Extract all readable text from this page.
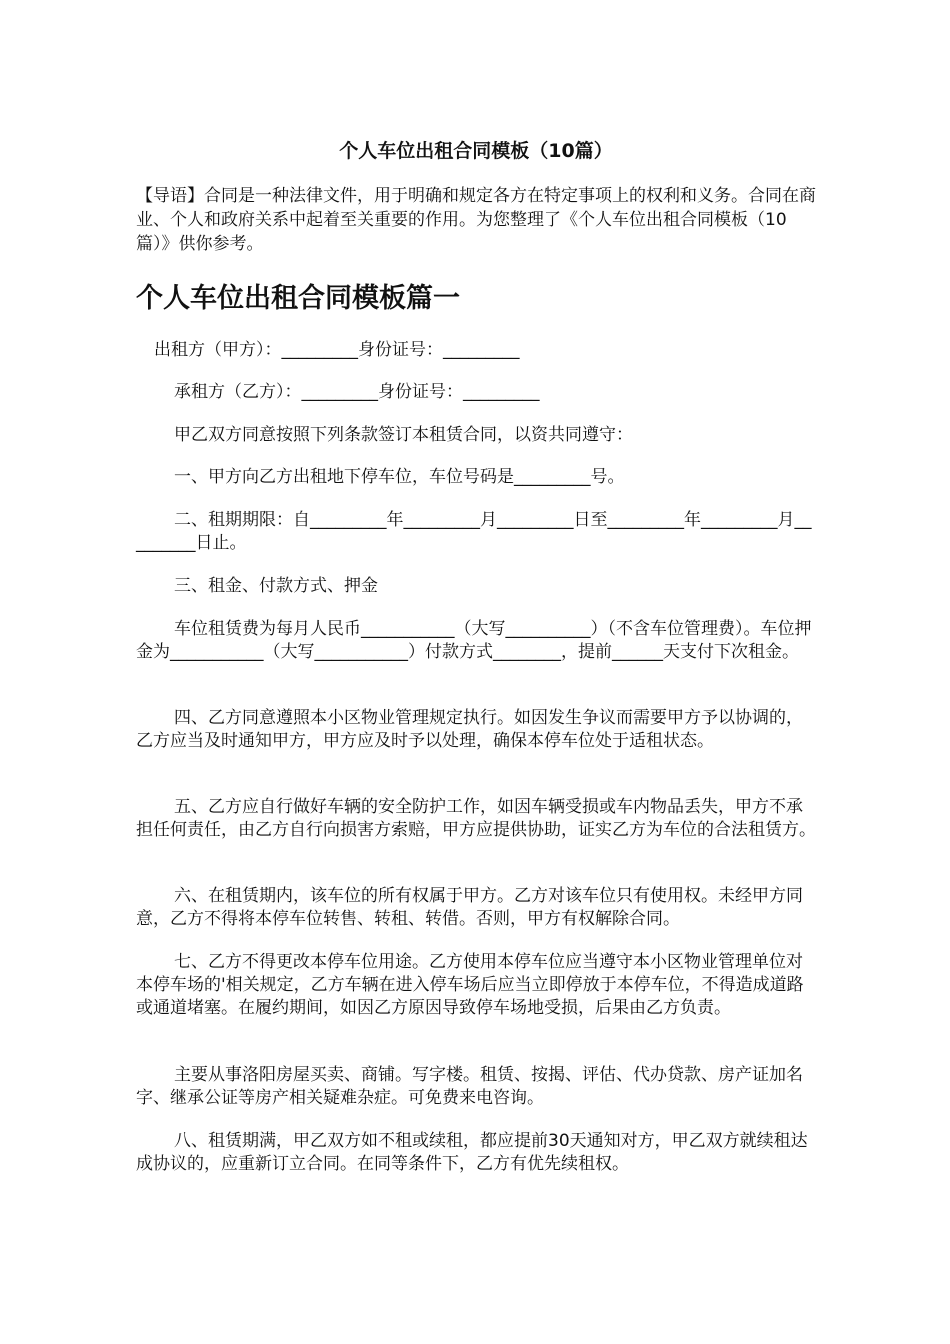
个人车位出租合同模板（10篇）

【导语】合同是一种法律文件，用于明确和规定各方在特定事项上的权利和义务。合同在商业、个人和政府关系中起着至关重要的作用。为您整理了《个人车位出租合同模板（10篇）》供你参考。

个人车位出租合同模板篇一

出租方（甲方）：_________身份证号：_________

承租方（乙方）：_________身份证号：_________

甲乙双方同意按照下列条款签订本租赁合同，以资共同遵守：

一、甲方向乙方出租地下停车位，车位号码是_________号。

二、租期期限：自_________年_________月_________日至_________年_________月_________日止。

三、租金、付款方式、押金

车位租赁费为每月人民币___________（大写__________）（不含车位管理费）。车位押金为___________（大写___________）付款方式________，提前______天支付下次租金。

四、乙方同意遵照本小区物业管理规定执行。如因发生争议而需要甲方予以协调的，乙方应当及时通知甲方，甲方应及时予以处理，确保本停车位处于适租状态。

五、乙方应自行做好车辆的安全防护工作，如因车辆受损或车内物品丢失，甲方不承担任何责任，由乙方自行向损害方索赔，甲方应提供协助，证实乙方为车位的合法租赁方。

六、在租赁期内，该车位的所有权属于甲方。乙方对该车位只有使用权。未经甲方同意，乙方不得将本停车位转售、转租、转借。否则，甲方有权解除合同。

七、乙方不得更改本停车位用途。乙方使用本停车位应当遵守本小区物业管理单位对本停车场的'相关规定，乙方车辆在进入停车场后应当立即停放于本停车位，不得造成道路或通道堵塞。在履约期间，如因乙方原因导致停车场地受损，后果由乙方负责。

主要从事洛阳房屋买卖、商铺。写字楼。租赁、按揭、评估、代办贷款、房产证加名字、继承公证等房产相关疑难杂症。可免费来电咨询。

八、租赁期满，甲乙双方如不租或续租，都应提前30天通知对方，甲乙双方就续租达成协议的，应重新订立合同。在同等条件下，乙方有优先续租权。
